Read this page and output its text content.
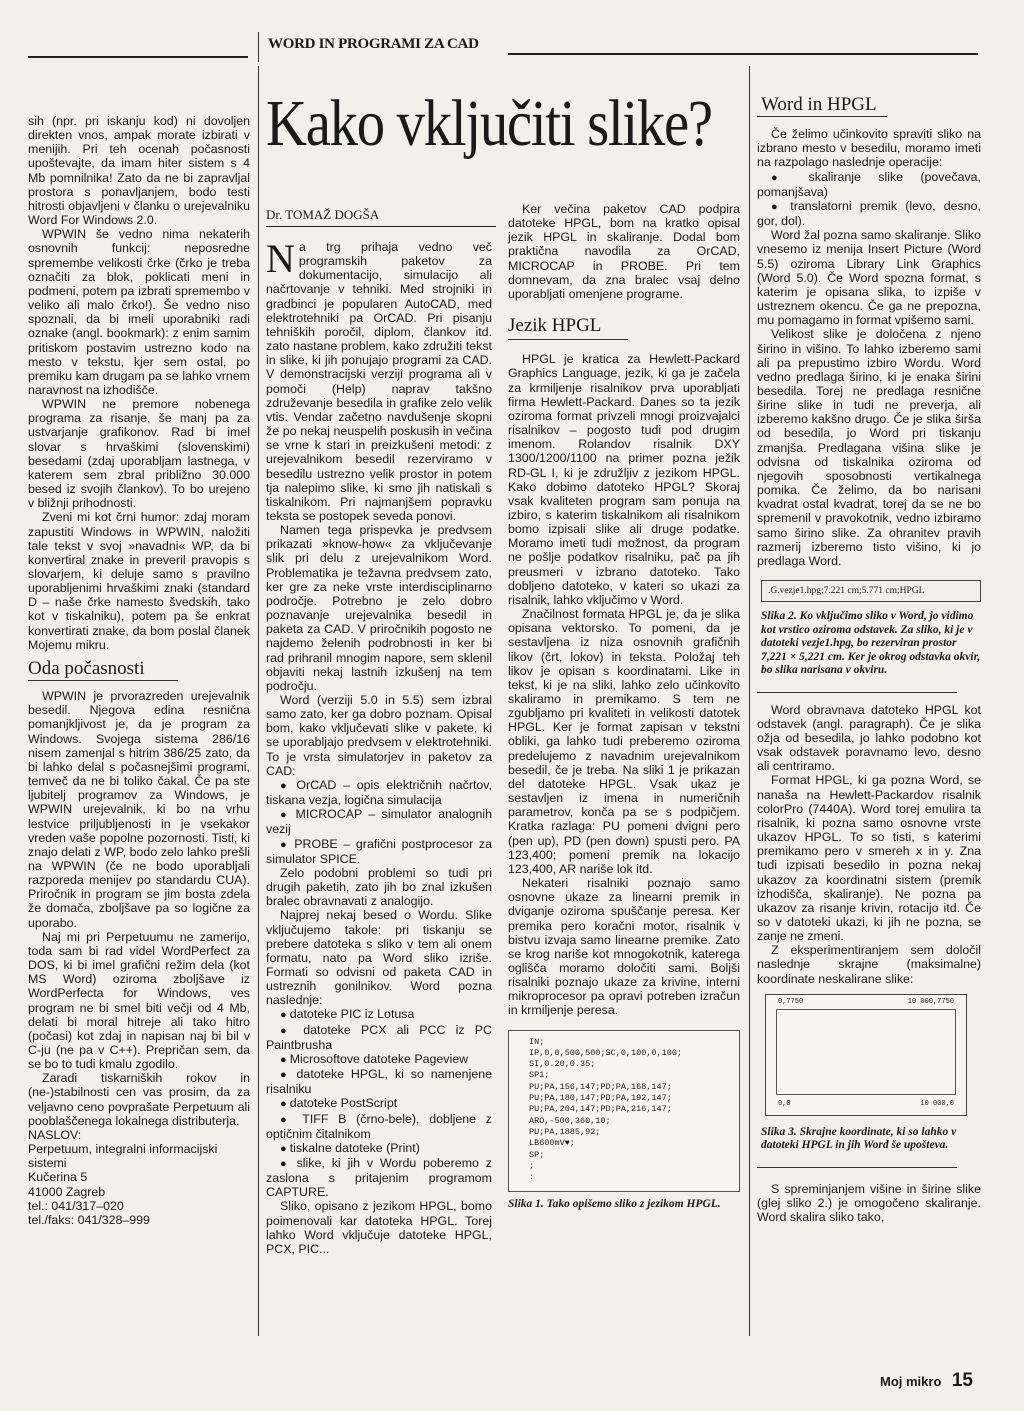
WORD IN PROGRAMI ZA CAD
Kako vključiti slike?
Dr. TOMAŽ DOGŠA

sih (npr. pri iskanju kod) ni dovoljen direkten vnos, ampak morate izbirati v menijih. Pri teh ocenah počasnosti upoštevajte, da imam hiter sistem s 4 Mb pomnilnika! Zato da ne bi zapravljal prostora s ponavljanjem, bodo testi hitrosti objavljeni v članku o urejevalniku Word For Windows 2.0.

WPWIN še vedno nima nekaterih osnovnih funkcij: neposredne spremembe velikosti črke (črko je treba označiti za blok, poklicati meni in podmeni, potem pa izbrati spremembo v veliko ali malo črko!). Še vedno niso spoznali, da bi imeli uporabniki radi oznake (angl. bookmark): z enim samim pritiskom postavim ustrezno kodo na mesto v tekstu, kjer sem ostal, po premiku kam drugam pa se lahko vrnem naravnost na izhodišče.

WPWIN ne premore nobenega programa za risanje, še manj pa za ustvarjanje grafikonov. Rad bi imel slovar s hrvaškimi (slovenskimi) besedami (zdaj uporabljam lastnega, v katerem sem zbral približno 30.000 besed iz svojih člankov). To bo urejeno v bližnji prihodnosti.

Zveni mi kot črni humor: zdaj moram zapustiti Windows in WPWIN, naložiti tale tekst v svoj »navadni« WP, da bi konvertiral znake in preveril pravopis s slovarjem, ki deluje samo s pravilno uporabljenimi hrvaškimi znaki (standard D – naše črke namesto švedskih, tako kot v tiskalniku), potem pa še enkrat konvertirati znake, da bom poslal članek Mojemu mikru.

Oda počasnosti

WPWIN je prvorazreden urejevalnik besedil. Njegova edina resnična pomanjkljivost je, da je program za Windows. Svojega sistema 286/16 nisem zamenjal s hitrim 386/25 zato, da bi lahko delal s počasnejšimi programi, temveč da ne bi toliko čakal. Če pa ste ljubitelj programov za Windows, je WPWIN urejevalnik, ki bo na vrhu lestvice priljubljenosti in je vsekakor vreden vaše popolne pozornosti. Tisti, ki znajo delati z WP, bodo zelo lahko prešli na WPWIN (če ne bodo uporabljali razporeda menijev po standardu CUA). Priročnik in program se jim bosta zdela že domača, zbolјšave pa so logične za uporabo.

Naj mi pri Perpetuumu ne zamerijo, toda sam bi rad videl WordPerfect za DOS, ki bi imel grafični režim dela (kot MS Word) oziroma zboljšave iz WordPerfecta for Windows, ves program ne bi smel biti večji od 4 Mb, delati bi moral hitreje ali tako hitro (počasi) kot zdaj in napisan naj bi bil v C-ju (ne pa v C++). Prepričan sem, da se bo to tudi kmalu zgodilo.

Zaradi tiskarniških rokov in (ne-)stabilnosti cen vas prosim, da za veljavno ceno povprašate Perpetuum ali pooblaščenega lokalnega distributerja.

NASLOV:
Perpetuum, integralni informacijski sistemi
Kučerina 5
41000 Zagreb
tel.: 041/317–020
tel./faks: 041/328–999

Na trg prihaja vedno več programskih paketov za dokumentacijo, simulacijo ali načrtovanje v tehniki. Med strojniki in gradbinci je popularen AutoCAD, med elektrotehniki pa OrCAD. Pri pisanju tehniških poročil, diplom, člankov itd. zato nastane problem, kako združiti tekst in slike, ki jih ponujajo programi za CAD. V demonstracijski verziji programa ali v pomoči (Help) naprav takšno združevanje besedila in grafike zelo velik vtis. Vendar začetno navdušenje skopni že po nekaj neuspelih poskusih in večina se vrne k stari in preizkušeni metodi: z urejevalnikom besedil rezerviramo v besedilu ustrezno velik prostor in potem tja nalepimo slike, ki smo jih natiskali s tiskalnikom. Pri najmanjšem popravku teksta se postopek seveda ponovi.

Namen tega prispevka je predvsem prikazati »know-how« za vključevanje slik pri delu z urejevalnikom Word. Problematika je težavna predvsem zato, ker gre za neke vrste interdisciplinarno področje. Potrebno je zelo dobro poznavanje urejevalnika besedil in paketa za CAD. V priročnikih pogosto ne najdemo želenih podrobnosti in ker bi rad prihranil mnogim napore, sem sklenil objaviti nekaj lastnih izkušenj na tem področju.

Word (verziji 5.0 in 5.5) sem izbral samo zato, ker ga dobro poznam. Opisal bom, kako vključevati slike v pakete, ki se uporabljajo predvsem v elektrotehniki. To je vrsta simulatorjev in paketov za CAD:

● OrCAD – opis električnih načrtov, tiskana vezja, logična simulacija

● MICROCAP – simulator analognih vezij

● PROBE – grafični postprocesor za simulator SPICE.

Zelo podobni problemi so tudi pri drugih paketih, zato jih bo znal izkušen bralec obravnavati z analogijo.

Najprej nekaj besed o Wordu. Slike vključujemo takole: pri tiskanju se prebere datoteka s sliko v tem ali onem formatu, nato pa Word sliko izriše. Formati so odvisni od paketa CAD in ustreznih gonilnikov. Word pozna naslednje:

● datoteke PIC iz Lotusa

● datoteke PCX ali PCC iz PC Paintbrusha

● Microsoftove datoteke Pageview

● datoteke HPGL, ki so namenjene risalniku

● datoteke PostScript

● TIFF B (črno-bele), dobljene z optičnim čitalnikom

● tiskalne datoteke (Print)

● slike, ki jih v Wordu poberemo z zaslona s pritajenim programom CAPTURE.

Sliko, opisano z jezikom HPGL, bomo poimenovali kar datoteka HPGL. Torej lahko Word vključuje datoteke HPGL, PCX, PIC...

Ker večina paketov CAD podpira datoteke HPGL, bom na kratko opisal jezik HPGL in skaliranje. Dodal bom praktična navodila za OrCAD, MICROCAP in PROBE. Pri tem domnevam, da zna bralec vsaj delno uporabljati omenjene programe.

Jezik HPGL

HPGL je kratica za Hewlett-Packard Graphics Language, jezik, ki ga je začela za krmiljenje risalnikov prva uporabljati firma Hewlett-Packard. Danes so ta jezik oziroma format privzeli mnogi proizvajalci risalnikov – pogosto tudi pod drugim imenom. Rolandov risalnik DXY 1300/1200/1100 na primer pozna ježik RD-GL I, ki je združljiv z jezikom HPGL. Kako dobimo datoteko HPGL? Skoraj vsak kvaliteten program sam ponuja na izbiro, s katerim tiskalnikom ali risalnikom bomo izpisali slike ali druge podatke. Moramo imeti tudi možnost, da program ne pošlje podatkov risalniku, pač pa jih preusmeri v izbrano datoteko. Tako dobljeno datoteko, v kateri so ukazi za risalnik, lahko vključimo v Word.

Značilnost formata HPGL je, da je slika opisana vektorsko. To pomeni, da je sestavljena iz niza osnovnih grafičnih likov (črt, lokov) in teksta. Položaj teh likov je opisan s koordinatami. Like in tekst, ki je na sliki, lahko zelo učinkovito skaliramo in premikamo. S tem ne zgubljamo pri kvaliteti in velikosti datotek HPGL. Ker je format zapisan v tekstni obliki, ga lahko tudi preberemo oziroma predelujemo z navadnim urejevalnikom besedil, če je treba. Na sliki 1 je prikazan del datoteke HPGL. Vsak ukaz je sestavljen iz imena in numeričnih parametrov, konča pa se s podpičjem. Kratka razlaga: PU pomeni dvigni pero (pen up), PD (pen down) spusti pero. PA 123,400; pomeni premik na lokacijo 123,400, AR nariše lok itd.

Nekateri risalniki poznajo samo osnovne ukaze za linearni premik in dviganje oziroma spuščanje peresa. Ker premika pero koračni motor, risalnik v bistvu izvaja samo linearne premike. Zato se krog nariše kot mnogokotnik, katerega oglišča moramo določiti sami. Boljši risalniki poznajo ukaze za krivine, interni mikroprocesor pa opravi potreben izračun in krmiljenje peresa.

IN;
IP,0,0,500,500;SC,0,100,0,100;
SI,0.20,0.35;
SP1;
PU;PA,156,147;PD;PA,168,147;
PU;PA,180,147;PD;PA,192,147;
PU;PA,204,147;PD;PA,216,147;
ARO,-500,360,10;
PU;PA,1885,92;
LB600mV♥;
SP;
;
:
Slika 1. Tako opišemo sliko z jezikom HPGL.
Word in HPGL

Če želimo učinkovito spraviti sliko na izbrano mesto v besedilu, moramo imeti na razpolago naslednje operacije:

● skaliranje slike (povečava, pomanjšava)

● translatorni premik (levo, desno, gor, dol).

Word žal pozna samo skaliranje. Sliko vnesemo iz menija Insert Picture (Word 5.5) oziroma Library Link Graphics (Word 5.0). Če Word spozna format, s katerim je opisana slika, to izpiše v ustreznem okencu. Če ga ne prepozna, mu pomagamo in format vpišemo sami.

Velikost slike je določena z njeno širino in višino. To lahko izberemo sami ali pa prepustimo izbiro Wordu. Word vedno predlaga širino, ki je enaka širini besedila. Torej ne predlaga resnične širine slike in tudi ne preverja, ali izberemo kakšno drugo. Če je slika širša od besedila, jo Word pri tiskanju zmanjša. Predlagana višina slike je odvisna od tiskalnika oziroma od njegovih sposobnosti vertikalnega pomika. Če želimo, da bo narisani kvadrat ostal kvadrat, torej da se ne bo spremenil v pravokotnik, vedno izbiramo samo širino slike. Za ohranitev pravih razmerij izberemo tisto višino, ki jo predlaga Word.

.G.vezje1.hpg;7.221 cm;5.771 cm;HPGL
Slika 2. Ko vključimo sliko v Word, jo vidimo kot vrstico oziroma odstavek. Za sliko, ki je v datoteki vezje1.hpg, bo rezerviran prostor 7,221 × 5,221 cm. Ker je okrog odstavka okvir, bo slika narisana v okviru.

Word obravnava datoteko HPGL kot odstavek (angl. paragraph). Če je slika ožja od besedila, jo lahko podobno kot vsak odstavek poravnamo levo, desno ali centriramo.

Format HPGL, ki ga pozna Word, se nanaša na Hewlett-Packardov risalnik colorPro (7440A). Word torej emulira ta risalnik, ki pozna samo osnovne vrste ukazov HPGL. To so tisti, s katerimi premikamo pero v smereh x in y. Zna tudi izpisati besedilo in pozna nekaj ukazov za koordinatni sistem (premik izhodišča, skaliranje). Ne pozna pa ukazov za risanje krivin, rotacijo itd. Če so v datoteki ukazi, ki jih ne pozna, se zanje ne zmeni.

Z eksperimentiranjem sem določil naslednje skrajne (maksimalne) koordinate neskalirane slike:

0,7750	10 000,7750
0,0	10 000,0
Slika 3. Skrajne koordinate, ki so lahko v datoteki HPGL in jih Word še upošteva.

S spreminjanjem višine in širine slike (glej sliko 2.) je omogočeno skaliranje. Word skalira sliko tako,

Moj mikro 15
